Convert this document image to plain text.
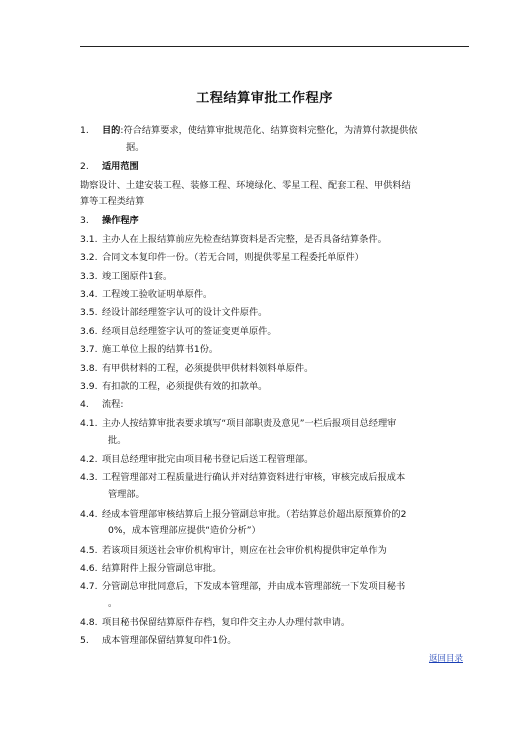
工程结算审批工作程序
1. 目的:符合结算要求，使结算审批规范化、结算资料完整化，为清算付款提供依
据。
2. 适用范围
勘察设计、土建安装工程、装修工程、环境绿化、零星工程、配套工程、甲供料结
算等工程类结算
3. 操作程序
3.1. 主办人在上报结算前应先检查结算资料是否完整，是否具备结算条件。
3.2. 合同文本复印件一份。（若无合同，则提供零星工程委托单原件）
3.3. 竣工图原件1套。
3.4. 工程竣工验收证明单原件。
3.5. 经设计部经理签字认可的设计文件原件。
3.6. 经项目总经理签字认可的签证变更单原件。
3.7. 施工单位上报的结算书1份。
3.8. 有甲供材料的工程，必须提供甲供材料领料单原件。
3.9. 有扣款的工程，必须提供有效的扣款单。
4. 流程:
4.1. 主办人按结算审批表要求填写“项目部职责及意见”一栏后报项目总经理审
批。
4.2. 项目总经理审批完由项目秘书登记后送工程管理部。
4.3. 工程管理部对工程质量进行确认并对结算资料进行审核，审核完成后报成本
管理部。
4.4. 经成本管理部审核结算后上报分管副总审批。（若结算总价超出原预算价的2
0%，成本管理部应提供“造价分析”）
4.5. 若该项目须送社会审价机构审计，则应在社会审价机构提供审定单作为
4.6. 结算附件上报分管副总审批。
4.7. 分管副总审批同意后，下发成本管理部，并由成本管理部统一下发项目秘书
。
4.8. 项目秘书保留结算原件存档，复印件交主办人办理付款申请。
5. 成本管理部保留结算复印件1份。
返回目录
